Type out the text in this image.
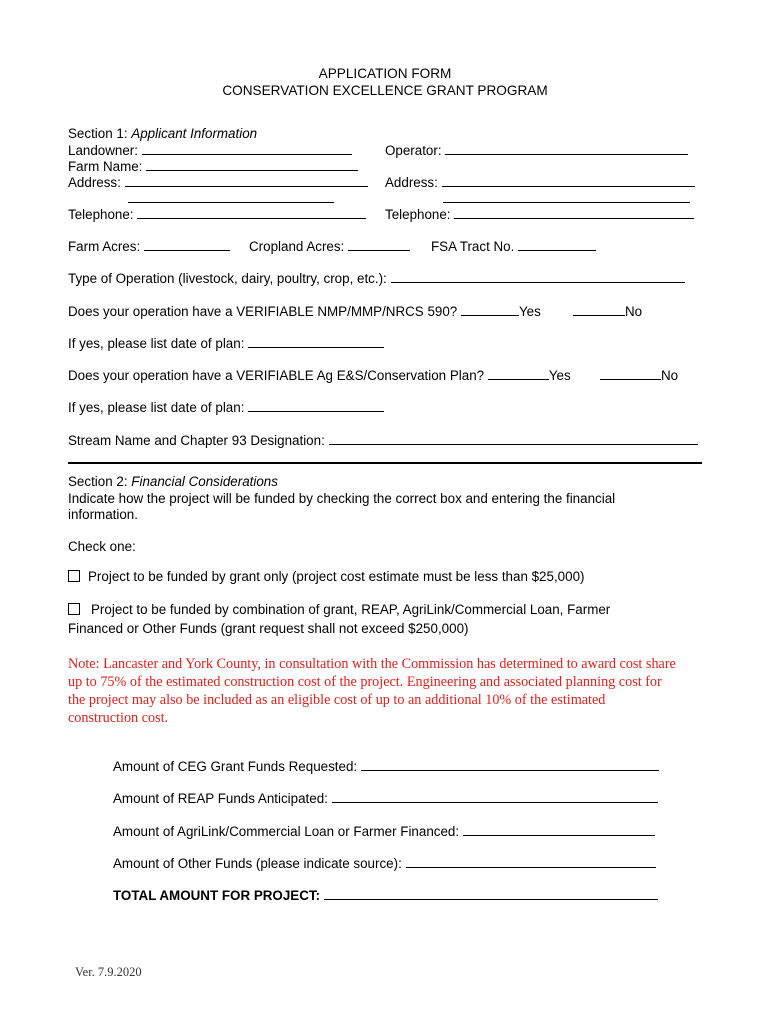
APPLICATION FORM
CONSERVATION EXCELLENCE GRANT PROGRAM
Section 1: Applicant Information
Landowner:	Operator:
Farm Name:
Address:	Address:
Telephone:	Telephone:
Farm Acres:	Cropland Acres:	FSA Tract No.
Type of Operation (livestock, dairy, poultry, crop, etc.):
Does your operation have a VERIFIABLE NMP/MMP/NRCS 590?	Yes	No
If yes, please list date of plan:
Does your operation have a VERIFIABLE Ag E&S/Conservation Plan?	Yes	No
If yes, please list date of plan:
Stream Name and Chapter 93 Designation:
Section 2: Financial Considerations
Indicate how the project will be funded by checking the correct box and entering the financial information.
Check one:
Project to be funded by grant only (project cost estimate must be less than $25,000)
Project to be funded by combination of grant, REAP, AgriLink/Commercial Loan, Farmer
Financed or Other Funds (grant request shall not exceed $250,000)
Note: Lancaster and York County, in consultation with the Commission has determined to award cost share up to 75% of the estimated construction cost of the project. Engineering and associated planning cost for the project may also be included as an eligible cost of up to an additional 10% of the estimated construction cost.
Amount of CEG Grant Funds Requested:
Amount of REAP Funds Anticipated:
Amount of AgriLink/Commercial Loan or Farmer Financed:
Amount of Other Funds (please indicate source):
TOTAL AMOUNT FOR PROJECT:
Ver. 7.9.2020
